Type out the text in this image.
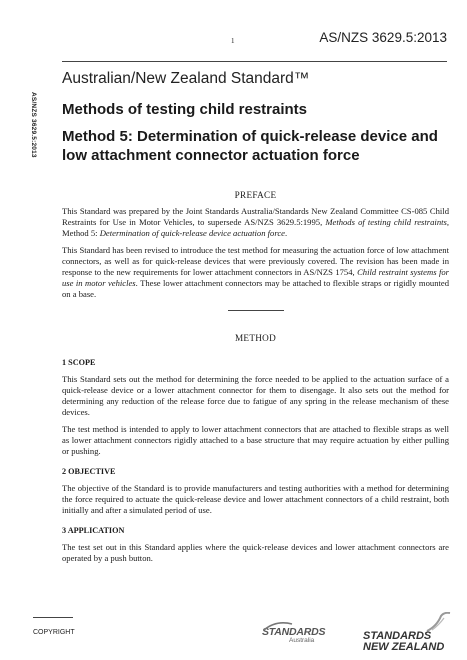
1	AS/NZS 3629.5:2013
AS/NZS 3629.5:2013
Australian/New Zealand Standard™
Methods of testing child restraints
Method 5: Determination of quick-release device and low attachment connector actuation force
PREFACE

This Standard was prepared by the Joint Standards Australia/Standards New Zealand Committee CS-085 Child Restraints for Use in Motor Vehicles, to supersede AS/NZS 3629.5:1995, Methods of testing child restraints, Method 5: Determination of quick-release device actuation force.

This Standard has been revised to introduce the test method for measuring the actuation force of low attachment connectors, as well as for quick-release devices that were previously covered. The revision has been made in response to the new requirements for lower attachment connectors in AS/NZS 1754, Child restraint systems for use in motor vehicles. These lower attachment connectors may be attached to flexible straps or rigidly mounted on a base.

METHOD
1 SCOPE

This Standard sets out the method for determining the force needed to be applied to the actuation surface of a quick-release device or a lower attachment connector for them to disengage. It also sets out the method for determining any reduction of the release force due to fatigue of any spring in the release mechanism of these devices.

The test method is intended to apply to lower attachment connectors that are attached to flexible straps as well as lower attachment connectors rigidly attached to a base structure that may require actuation by either pulling or pushing.

2 OBJECTIVE

The objective of the Standard is to provide manufacturers and testing authorities with a method for determining the force required to actuate the quick-release device and lower attachment connectors of a child restraint, both initially and after a simulated period of use.

3 APPLICATION

The test set out in this Standard applies where the quick-release devices and lower attachment connectors are operated by a push button.

COPYRIGHT	STANDARDS
Australia	STANDARDS
NEW ZEALAND
